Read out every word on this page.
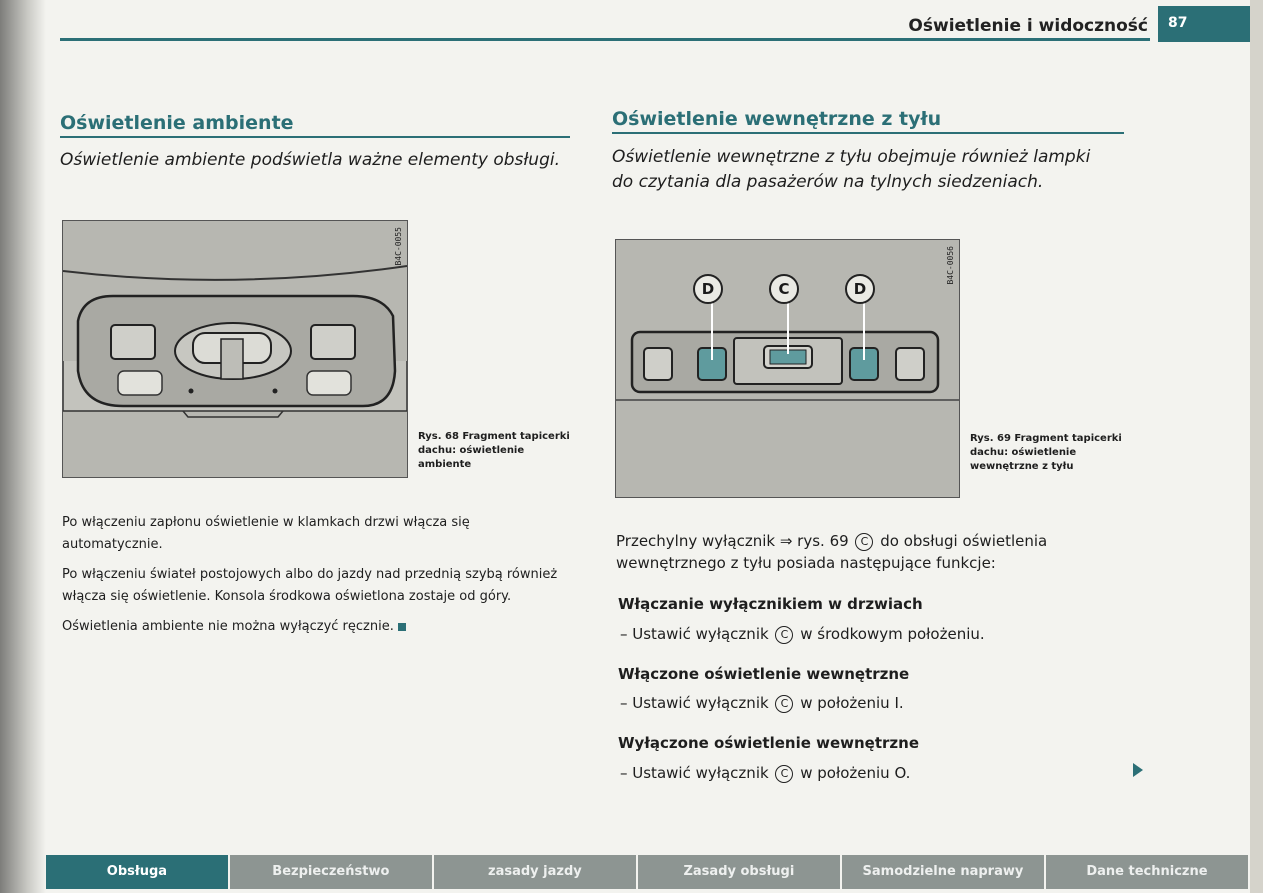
Oświetlenie i widoczność	87
Oświetlenie ambiente
Oświetlenie ambiente podświetla ważne elementy obsługi.
B4C-0055
Rys. 68 Fragment tapicerki dachu: oświetlenie ambiente

Po włączeniu zapłonu oświetlenie w klamkach drzwi włącza się automatycznie.

Po włączeniu świateł postojowych albo do jazdy nad przednią szybą również włącza się oświetlenie. Konsola środkowa oświetlona zostaje od góry.

Oświetlenia ambiente nie można wyłączyć ręcznie.

Oświetlenie wewnętrzne z tyłu
Oświetlenie wewnętrzne z tyłu obejmuje również lampki do czytania dla pasażerów na tylnych siedzeniach.
D	C	D
B4C-0056
Rys. 69 Fragment tapicerki dachu: oświetlenie wewnętrzne z tyłu
Przechylny wyłącznik ⇒ rys. 69 C do obsługi oświetlenia wewnętrznego z tyłu posiada następujące funkcje:
Włączanie wyłącznikiem w drzwiach
– Ustawić wyłącznik C w środkowym położeniu.
Włączone oświetlenie wewnętrzne
– Ustawić wyłącznik C w położeniu I.
Wyłączone oświetlenie wewnętrzne
– Ustawić wyłącznik C w położeniu O.
Obsługa	Bezpieczeństwo	zasady jazdy	Zasady obsługi	Samodzielne naprawy	Dane techniczne
